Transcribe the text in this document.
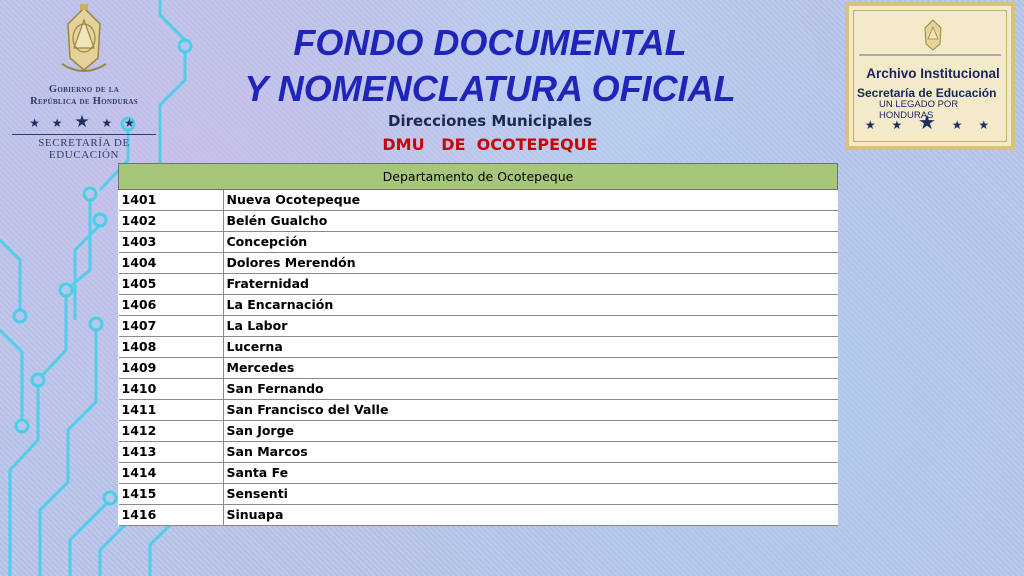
Gobierno de la
República de Honduras
★ ★ ★ ★ ★
SECRETARÍA DE EDUCACIÓN
FONDO DOCUMENTAL
Y NOMENCLATURA OFICIAL
Direcciones Municipales
DMU   DE  OCOTEPEQUE
Archivo Institucional
Secretaría de Educación
UN LEGADO POR HONDURAS
★ ★ ★ ★ ★
Departamento de Ocotepeque	
1401	Nueva Ocotepeque
1402	Belén Gualcho
1403	Concepción
1404	Dolores Merendón
1405	Fraternidad
1406	La Encarnación
1407	La Labor
1408	Lucerna
1409	Mercedes
1410	San Fernando
1411	San Francisco del Valle
1412	San Jorge
1413	San Marcos
1414	Santa Fe
1415	Sensenti
1416	Sinuapa
